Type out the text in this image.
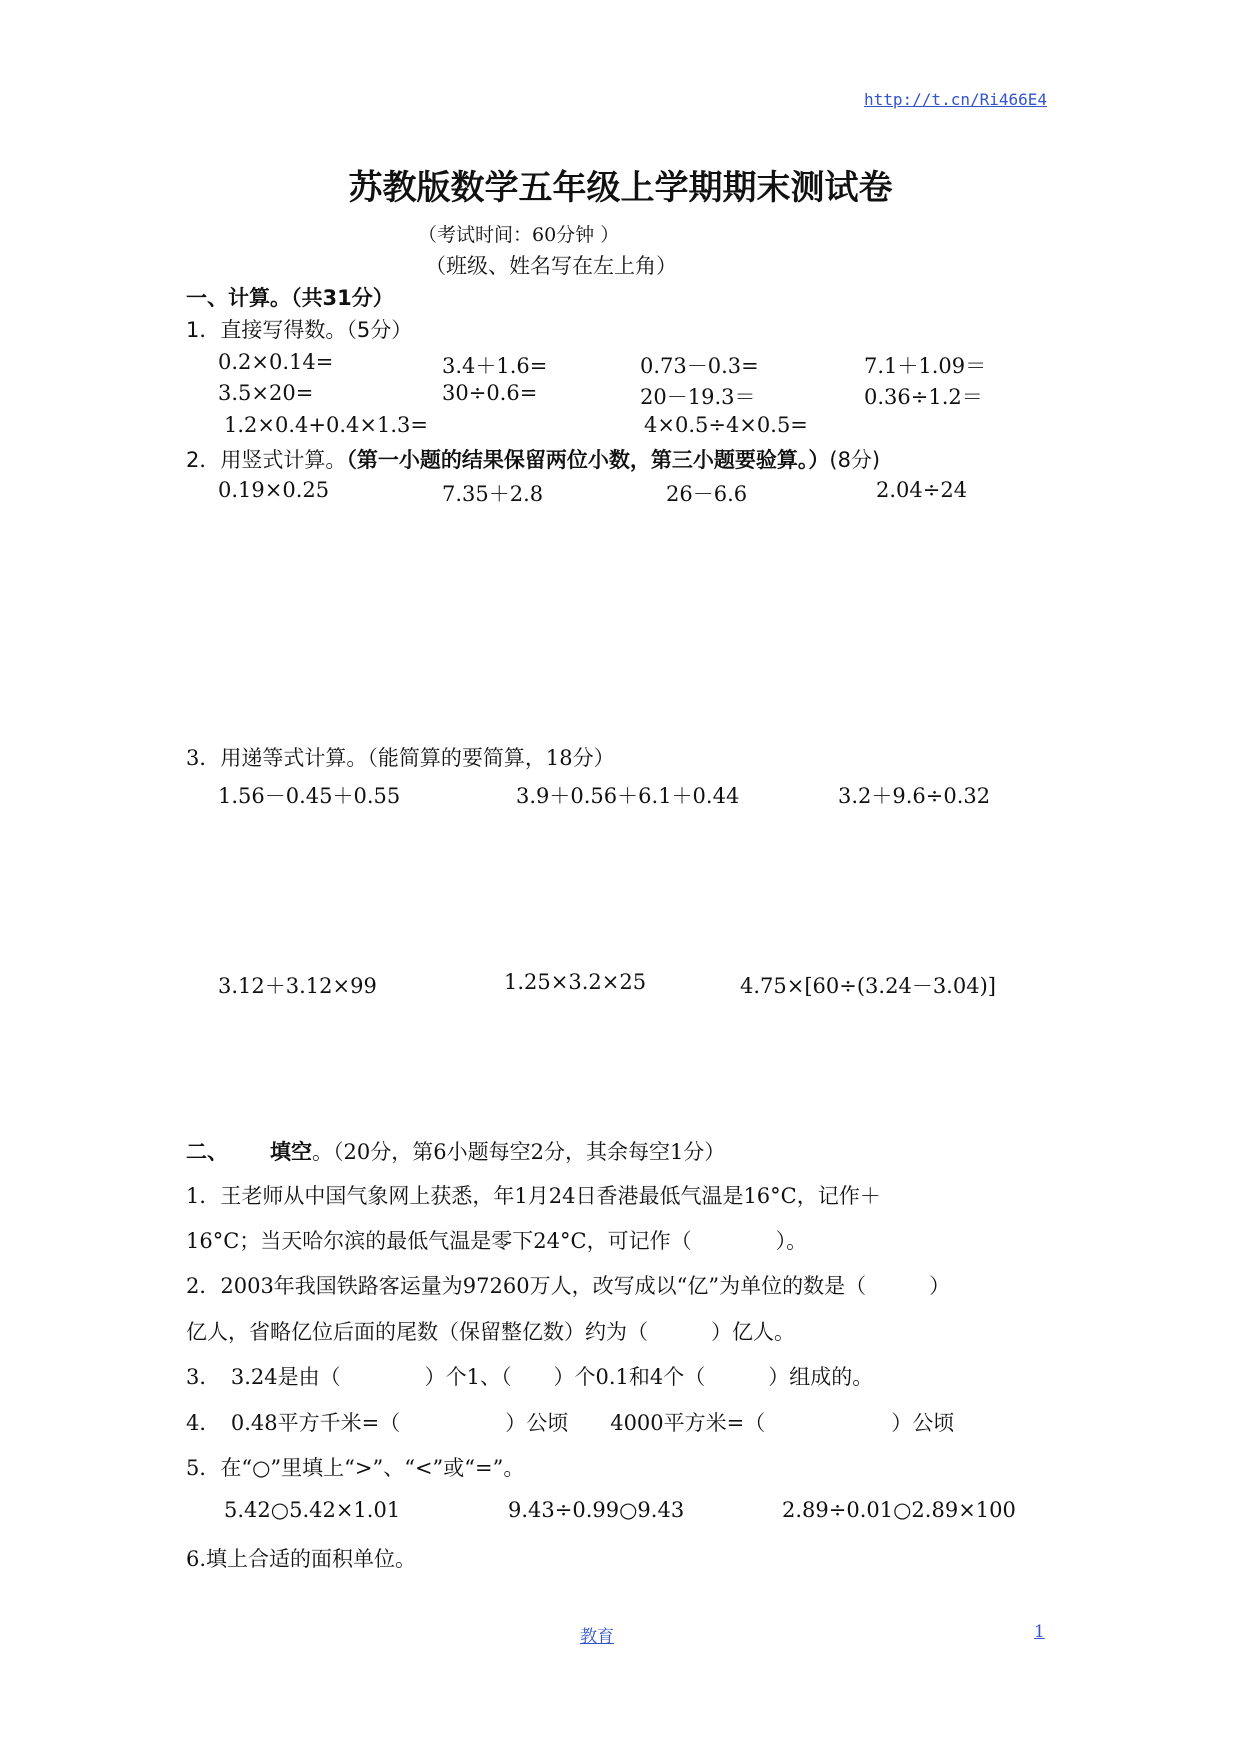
http://t.cn/Ri466E4
苏教版数学五年级上学期期末测试卷
（考试时间：60分钟 ）
（班级、姓名写在左上角）
一、计算。（共31分）
1．直接写得数。（5分）
0.2×0.14=	3.4＋1.6=	0.73－0.3=	7.1＋1.09＝
3.5×20=	30÷0.6=	20－19.3＝	0.36÷1.2＝
1.2×0.4+0.4×1.3=	4×0.5÷4×0.5=
2．用竖式计算。（第一小题的结果保留两位小数，第三小题要验算。）(8分)
0.19×0.25	7.35＋2.8	26－6.6	2.04÷24
3．用递等式计算。（能简算的要简算，18分）
1.56－0.45＋0.55	3.9＋0.56＋6.1＋0.44	3.2＋9.6÷0.32
3.12＋3.12×99	1.25×3.2×25	4.75×[60÷(3.24－3.04)]
二、 填空。（20分，第6小题每空2分，其余每空1分）
1．王老师从中国气象网上获悉，年1月24日香港最低气温是16°C，记作＋
16°C；当天哈尔滨的最低气温是零下24°C，可记作（　　　　）。
2．2003年我国铁路客运量为97260万人，改写成以“亿”为单位的数是（　　　）
亿人，省略亿位后面的尾数（保留整亿数）约为（　　　）亿人。
3．　3.24是由（　　　　）个1、（　　）个0.1和4个（　　　）组成的。
4．　0.48平方千米=（　　　　　）公顷　　4000平方米=（　　　　　　）公顷
5．在“○”里填上“>”、“<”或“=”。
5.42○5.42×1.01	9.43÷0.99○9.43	2.89÷0.01○2.89×100
6.填上合适的面积单位。
教育	1
